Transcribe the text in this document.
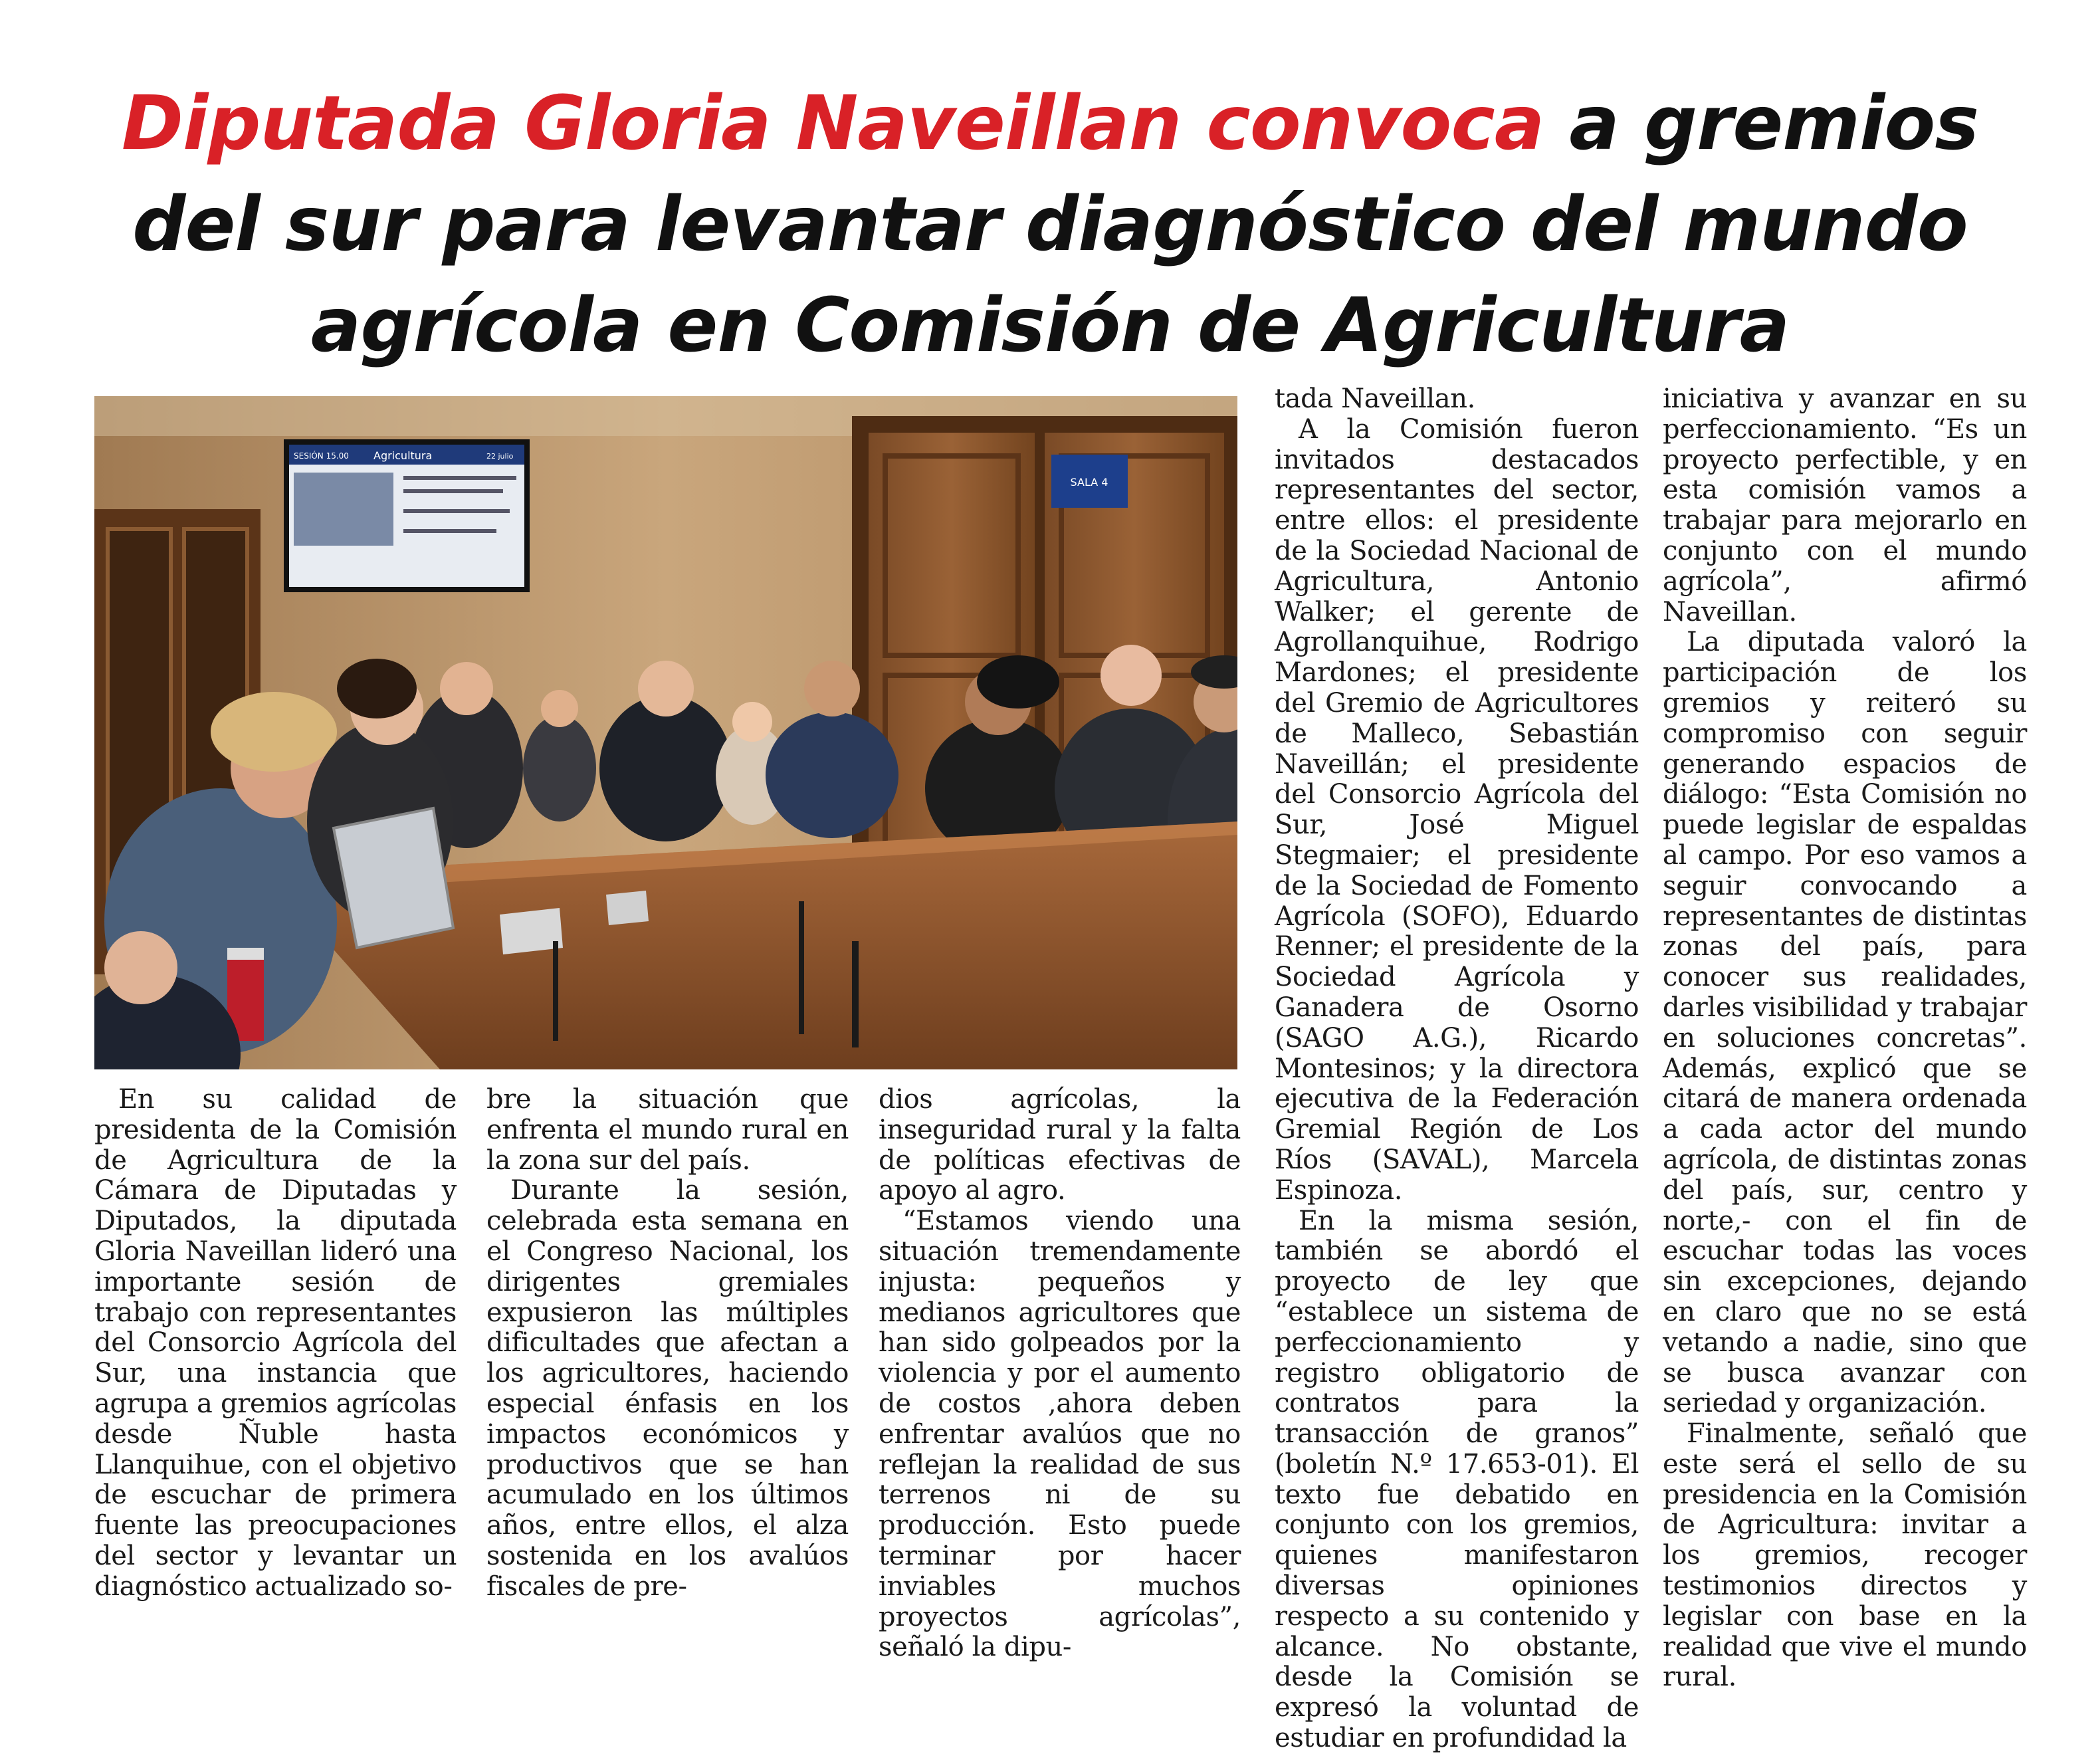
Diputada Gloria Naveillan convoca a gremios
del sur para levantar diagnóstico del mundo
agrícola en Comisión de Agricultura
SALA 4
SESIÓN 15.00 Agricultura	22 julio

En su calidad de presidenta de la Comisión de Agricultura de la Cámara de Diputadas y Diputados, la diputada Gloria Naveillan lideró una importante sesión de trabajo con representantes del Consorcio Agrícola del Sur, una instancia que agrupa a gremios agrícolas desde Ñuble hasta Llanquihue, con el objetivo de escuchar de primera fuente las preocupaciones del sector y levantar un diagnóstico actualizado so-

bre la situación que enfrenta el mundo rural en la zona sur del país.

Durante la sesión, celebrada esta semana en el Congreso Nacional, los dirigentes gremiales expusieron las múltiples dificultades que afectan a los agricultores, haciendo especial énfasis en los impactos económicos y productivos que se han acumulado en los últimos años, entre ellos, el alza sostenida en los avalúos fiscales de pre-

dios agrícolas, la inseguridad rural y la falta de políticas efectivas de apoyo al agro.

“Estamos viendo una situación tremendamente injusta: pequeños y medianos agricultores que han sido golpeados por la violencia y por el aumento de costos ,ahora deben enfrentar avalúos que no reflejan la realidad de sus terrenos ni de su producción. Esto puede terminar por hacer inviables muchos proyectos agrícolas”, señaló la dipu-

tada Naveillan.

A la Comisión fueron invitados destacados representantes del sector, entre ellos: el presidente de la Sociedad Nacional de Agricultura, Antonio Walker; el gerente de Agrollanquihue, Rodrigo Mardones; el presidente del Gremio de Agricultores de Malleco, Sebastián Naveillán; el presidente del Consorcio Agrícola del Sur, José Miguel Stegmaier; el presidente de la Sociedad de Fomento Agrícola (SOFO), Eduardo Renner; el presidente de la Sociedad Agrícola y Ganadera de Osorno (SAGO A.G.), Ricardo Montesinos; y la directora ejecutiva de la Federación Gremial Región de Los Ríos (SAVAL), Marcela Espinoza.

En la misma sesión, también se abordó el proyecto de ley que “establece un sistema de perfeccionamiento y registro obligatorio de contratos para la transacción de granos” (boletín N.º 17.653-01). El texto fue debatido en conjunto con los gremios, quienes manifestaron diversas opiniones respecto a su contenido y alcance. No obstante, desde la Comisión se expresó la voluntad de estudiar en profundidad la

iniciativa y avanzar en su perfeccionamiento. “Es un proyecto perfectible, y en esta comisión vamos a trabajar para mejorarlo en conjunto con el mundo agrícola”, afirmó Naveillan.

La diputada valoró la participación de los gremios y reiteró su compromiso con seguir generando espacios de diálogo: “Esta Comisión no puede legislar de espaldas al campo. Por eso vamos a seguir convocando a representantes de distintas zonas del país, para conocer sus realidades, darles visibilidad y trabajar en soluciones concretas”. Además, explicó que se citará de manera ordenada a cada actor del mundo agrícola, de distintas zonas del país, sur, centro y norte,- con el fin de escuchar todas las voces sin excepciones, dejando en claro que no se está vetando a nadie, sino que se busca avanzar con seriedad y organización.

Finalmente, señaló que este será el sello de su presidencia en la Comisión de Agricultura: invitar a los gremios, recoger testimonios directos y legislar con base en la realidad que vive el mundo rural.
